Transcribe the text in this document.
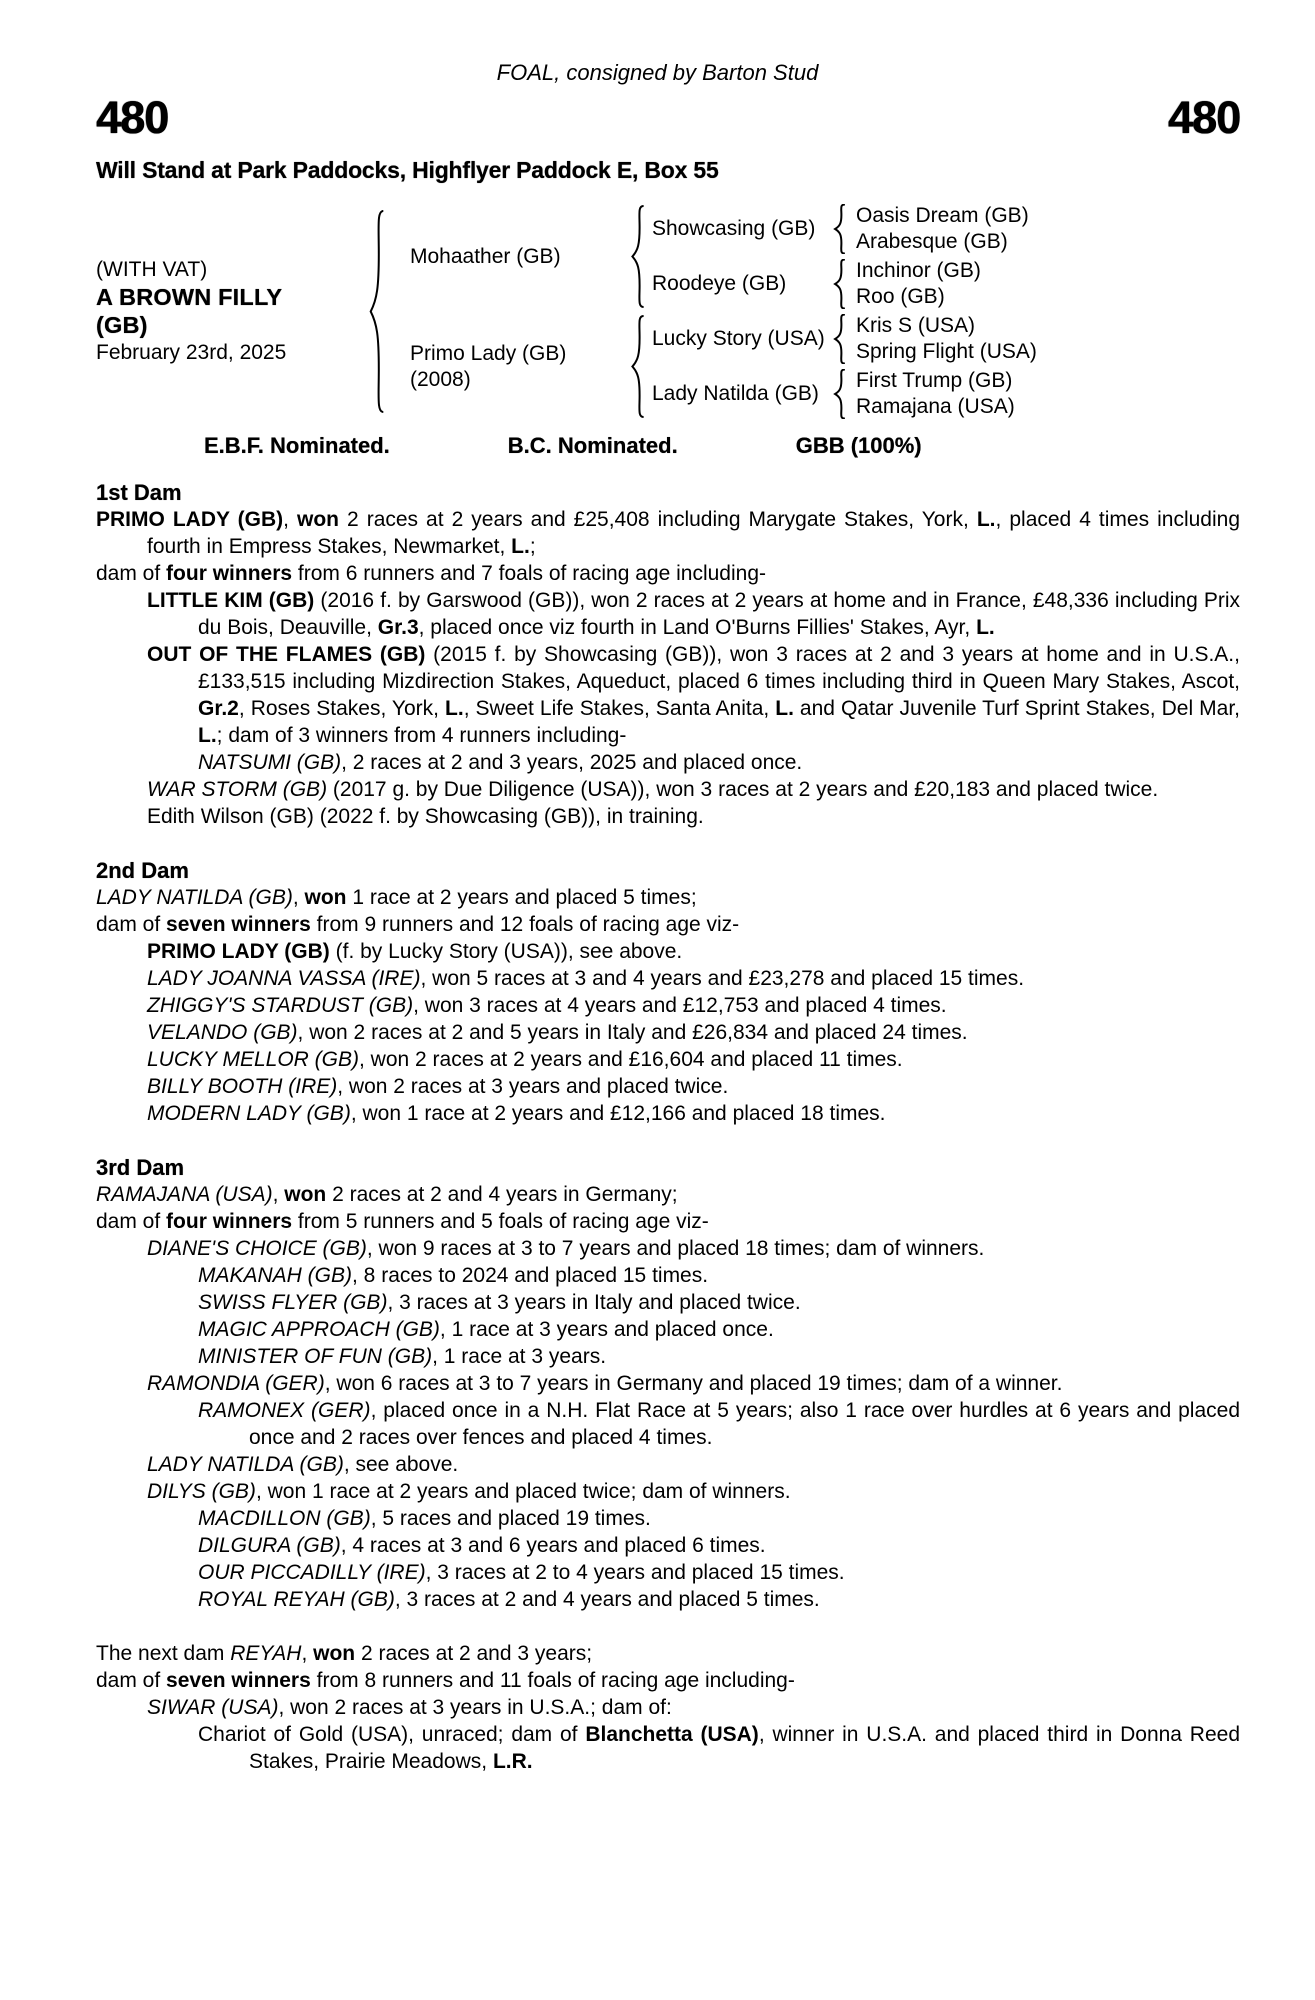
FOAL, consigned by Barton Stud
480	480
Will Stand at Park Paddocks, Highflyer Paddock E, Box 55
(WITH VAT)
A BROWN FILLY
(GB)
February 23rd, 2025
Mohaather (GB)
Primo Lady (GB)
(2008)
Showcasing (GB)
Roodeye (GB)
Lucky Story (USA)
Lady Natilda (GB)
Oasis Dream (GB)
Arabesque (GB)
Inchinor (GB)
Roo (GB)
Kris S (USA)
Spring Flight (USA)
First Trump (GB)
Ramajana (USA)
E.B.F. Nominated.	B.C. Nominated.	GBB (100%)
1st Dam

PRIMO LADY (GB), won 2 races at 2 years and £25,408 including Marygate Stakes, York, L., placed 4 times including fourth in Empress Stakes, Newmarket, L.;

dam of four winners from 6 runners and 7 foals of racing age including-

LITTLE KIM (GB) (2016 f. by Garswood (GB)), won 2 races at 2 years at home and in France, £48,336 including Prix du Bois, Deauville, Gr.3, placed once viz fourth in Land O'Burns Fillies' Stakes, Ayr, L.

OUT OF THE FLAMES (GB) (2015 f. by Showcasing (GB)), won 3 races at 2 and 3 years at home and in U.S.A., £133,515 including Mizdirection Stakes, Aqueduct, placed 6 times including third in Queen Mary Stakes, Ascot, Gr.2, Roses Stakes, York, L., Sweet Life Stakes, Santa Anita, L. and Qatar Juvenile Turf Sprint Stakes, Del Mar, L.; dam of 3 winners from 4 runners including-

NATSUMI (GB), 2 races at 2 and 3 years, 2025 and placed once.

WAR STORM (GB) (2017 g. by Due Diligence (USA)), won 3 races at 2 years and £20,183 and placed twice.

Edith Wilson (GB) (2022 f. by Showcasing (GB)), in training.

2nd Dam

LADY NATILDA (GB), won 1 race at 2 years and placed 5 times;

dam of seven winners from 9 runners and 12 foals of racing age viz-

PRIMO LADY (GB) (f. by Lucky Story (USA)), see above.

LADY JOANNA VASSA (IRE), won 5 races at 3 and 4 years and £23,278 and placed 15 times.

ZHIGGY'S STARDUST (GB), won 3 races at 4 years and £12,753 and placed 4 times.

VELANDO (GB), won 2 races at 2 and 5 years in Italy and £26,834 and placed 24 times.

LUCKY MELLOR (GB), won 2 races at 2 years and £16,604 and placed 11 times.

BILLY BOOTH (IRE), won 2 races at 3 years and placed twice.

MODERN LADY (GB), won 1 race at 2 years and £12,166 and placed 18 times.

3rd Dam

RAMAJANA (USA), won 2 races at 2 and 4 years in Germany;

dam of four winners from 5 runners and 5 foals of racing age viz-

DIANE'S CHOICE (GB), won 9 races at 3 to 7 years and placed 18 times; dam of winners.

MAKANAH (GB), 8 races to 2024 and placed 15 times.

SWISS FLYER (GB), 3 races at 3 years in Italy and placed twice.

MAGIC APPROACH (GB), 1 race at 3 years and placed once.

MINISTER OF FUN (GB), 1 race at 3 years.

RAMONDIA (GER), won 6 races at 3 to 7 years in Germany and placed 19 times; dam of a winner.

RAMONEX (GER), placed once in a N.H. Flat Race at 5 years; also 1 race over hurdles at 6 years and placed once and 2 races over fences and placed 4 times.

LADY NATILDA (GB), see above.

DILYS (GB), won 1 race at 2 years and placed twice; dam of winners.

MACDILLON (GB), 5 races and placed 19 times.

DILGURA (GB), 4 races at 3 and 6 years and placed 6 times.

OUR PICCADILLY (IRE), 3 races at 2 to 4 years and placed 15 times.

ROYAL REYAH (GB), 3 races at 2 and 4 years and placed 5 times.

The next dam REYAH, won 2 races at 2 and 3 years;

dam of seven winners from 8 runners and 11 foals of racing age including-

SIWAR (USA), won 2 races at 3 years in U.S.A.; dam of:

Chariot of Gold (USA), unraced; dam of Blanchetta (USA), winner in U.S.A. and placed third in Donna Reed Stakes, Prairie Meadows, L.R.
